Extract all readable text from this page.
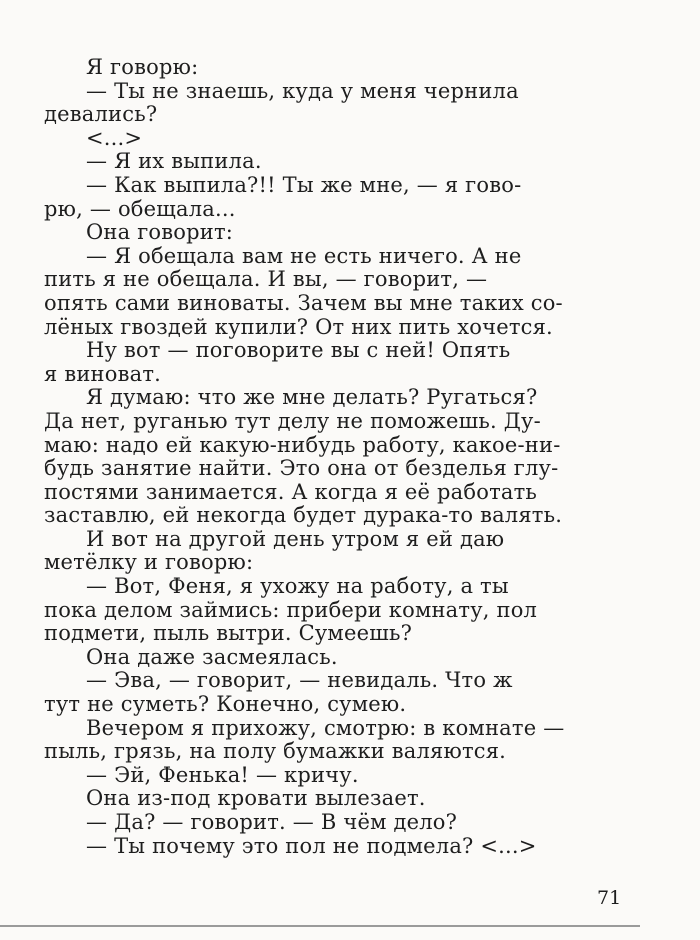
Я говорю:
— Ты не знаешь, куда у меня чернила
девались?
<...>
— Я их выпила.
— Как выпила?!! Ты же мне, — я гово-
рю, — обещала...
Она говорит:
— Я обещала вам не есть ничего. А не
пить я не обещала. И вы, — говорит, —
опять сами виноваты. Зачем вы мне таких со-
лёных гвоздей купили? От них пить хочется.
Ну вот — поговорите вы с ней! Опять
я виноват.
Я думаю: что же мне делать? Ругаться?
Да нет, руганью тут делу не поможешь. Ду-
маю: надо ей какую-нибудь работу, какое-ни-
будь занятие найти. Это она от безделья глу-
постями занимается. А когда я её работать
заставлю, ей некогда будет дурака-то валять.
И вот на другой день утром я ей даю
метёлку и говорю:
— Вот, Феня, я ухожу на работу, а ты
пока делом займись: прибери комнату, пол
подмети, пыль вытри. Сумеешь?
Она даже засмеялась.
— Эва, — говорит, — невидаль. Что ж
тут не суметь? Конечно, сумею.
Вечером я прихожу, смотрю: в комнате —
пыль, грязь, на полу бумажки валяются.
— Эй, Фенька! — кричу.
Она из-под кровати вылезает.
— Да? — говорит. — В чём дело?
— Ты почему это пол не подмела? <...>
71
